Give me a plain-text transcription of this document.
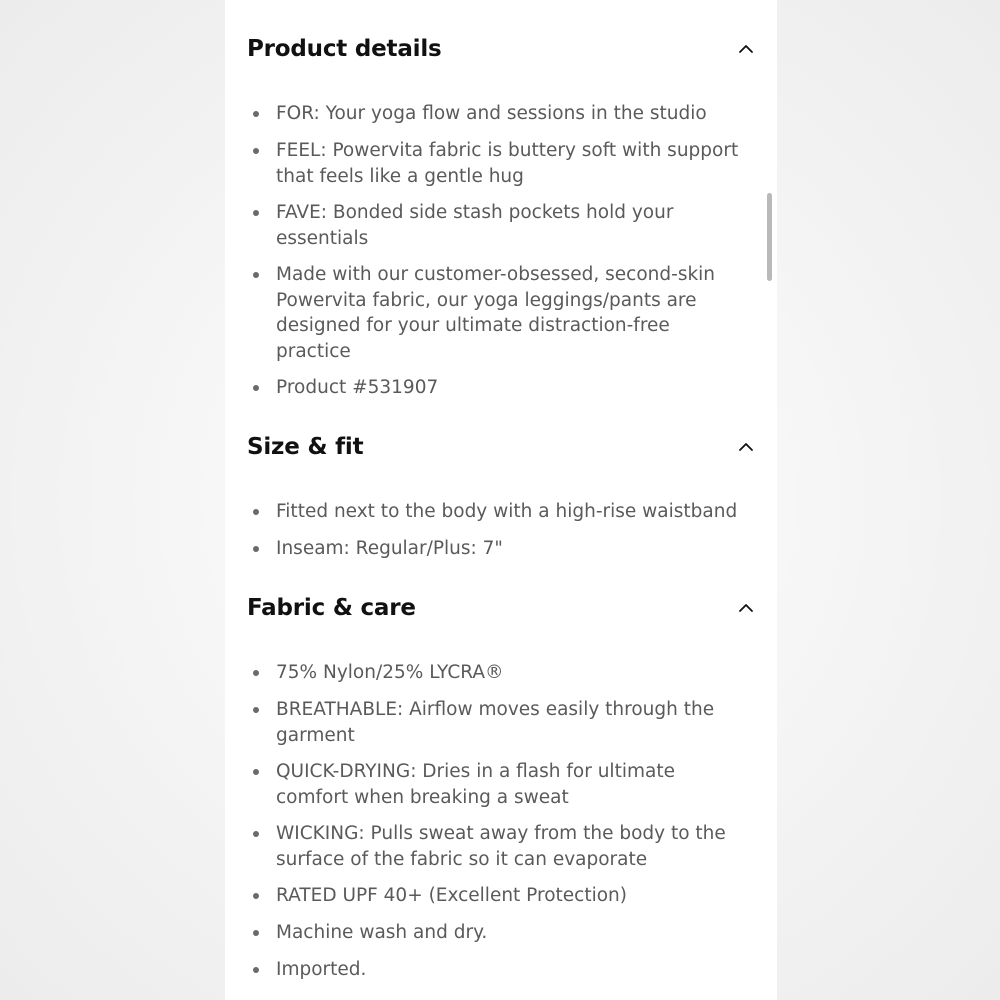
Product details
FOR: Your yoga flow and sessions in the studio
FEEL: Powervita fabric is buttery soft with support that feels like a gentle hug
FAVE: Bonded side stash pockets hold your essentials
Made with our customer-obsessed, second-skin Powervita fabric, our yoga leggings/pants are designed for your ultimate distraction-free practice
Product #531907
Size & fit
Fitted next to the body with a high-rise waistband
Inseam: Regular/Plus: 7"
Fabric & care
75% Nylon/25% LYCRA®
BREATHABLE: Airflow moves easily through the garment
QUICK-DRYING: Dries in a flash for ultimate comfort when breaking a sweat
WICKING: Pulls sweat away from the body to the surface of the fabric so it can evaporate
RATED UPF 40+ (Excellent Protection)
Machine wash and dry.
Imported.
